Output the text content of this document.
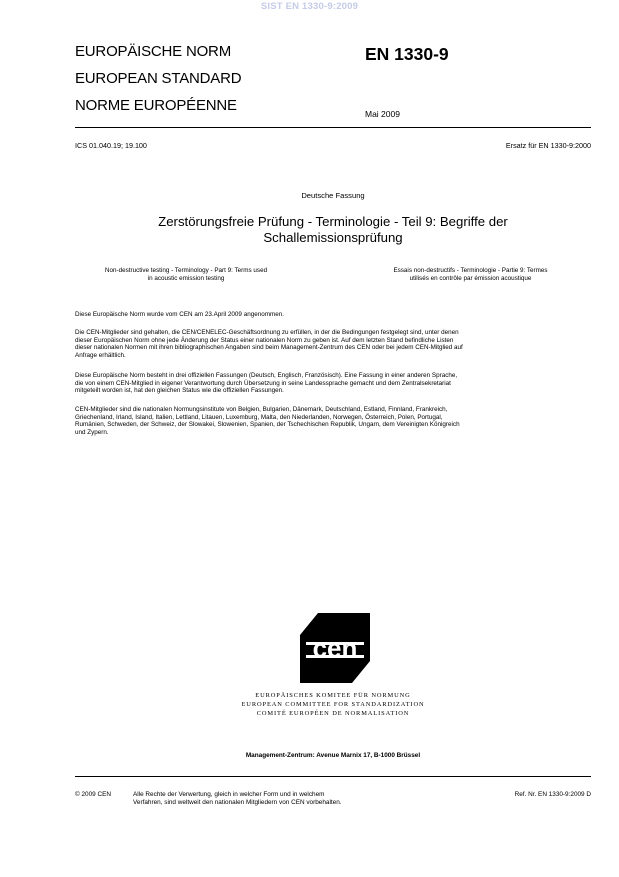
SIST EN 1330-9:2009
EUROPÄISCHE NORM
EUROPEAN STANDARD
NORME EUROPÉENNE
EN 1330-9
Mai 2009
ICS 01.040.19; 19.100	Ersatz für EN 1330-9:2000
Deutsche Fassung
Zerstörungsfreie Prüfung - Terminologie - Teil 9: Begriffe der
Schallemissionsprüfung
Non-destructive testing - Terminology - Part 9: Terms used
in acoustic emission testing
Essais non-destructifs - Terminologie - Partie 9: Termes
utilisés en contrôle par émission acoustique
Diese Europäische Norm wurde vom CEN am 23.April 2009 angenommen.
Die CEN-Mitglieder sind gehalten, die CEN/CENELEC-Geschäftsordnung zu erfüllen, in der die Bedingungen festgelegt sind, unter denen
dieser Europäischen Norm ohne jede Änderung der Status einer nationalen Norm zu geben ist. Auf dem letzten Stand befindliche Listen
dieser nationalen Normen mit ihren bibliographischen Angaben sind beim Management-Zentrum des CEN oder bei jedem CEN-Mitglied auf
Anfrage erhältlich.
Diese Europäische Norm besteht in drei offiziellen Fassungen (Deutsch, Englisch, Französisch). Eine Fassung in einer anderen Sprache,
die von einem CEN-Mitglied in eigener Verantwortung durch Übersetzung in seine Landessprache gemacht und dem Zentralsekretariat
mitgeteilt worden ist, hat den gleichen Status wie die offiziellen Fassungen.
CEN-Mitglieder sind die nationalen Normungsinstitute von Belgien, Bulgarien, Dänemark, Deutschland, Estland, Finnland, Frankreich,
Griechenland, Irland, Island, Italien, Lettland, Litauen, Luxemburg, Malta, den Niederlanden, Norwegen, Österreich, Polen, Portugal,
Rumänien, Schweden, der Schweiz, der Slowakei, Slowenien, Spanien, der Tschechischen Republik, Ungarn, dem Vereinigten Königreich
und Zypern.
cen
EUROPÄISCHES KOMITEE FÜR NORMUNG
EUROPEAN COMMITTEE FOR STANDARDIZATION
COMITÉ EUROPÉEN DE NORMALISATION
Management-Zentrum: Avenue Marnix 17, B-1000 Brüssel
© 2009 CEN	Alle Rechte der Verwertung, gleich in welcher Form und in welchem
Verfahren, sind weltweit den nationalen Mitgliedern von CEN vorbehalten.
Ref. Nr. EN 1330-9:2009 D
